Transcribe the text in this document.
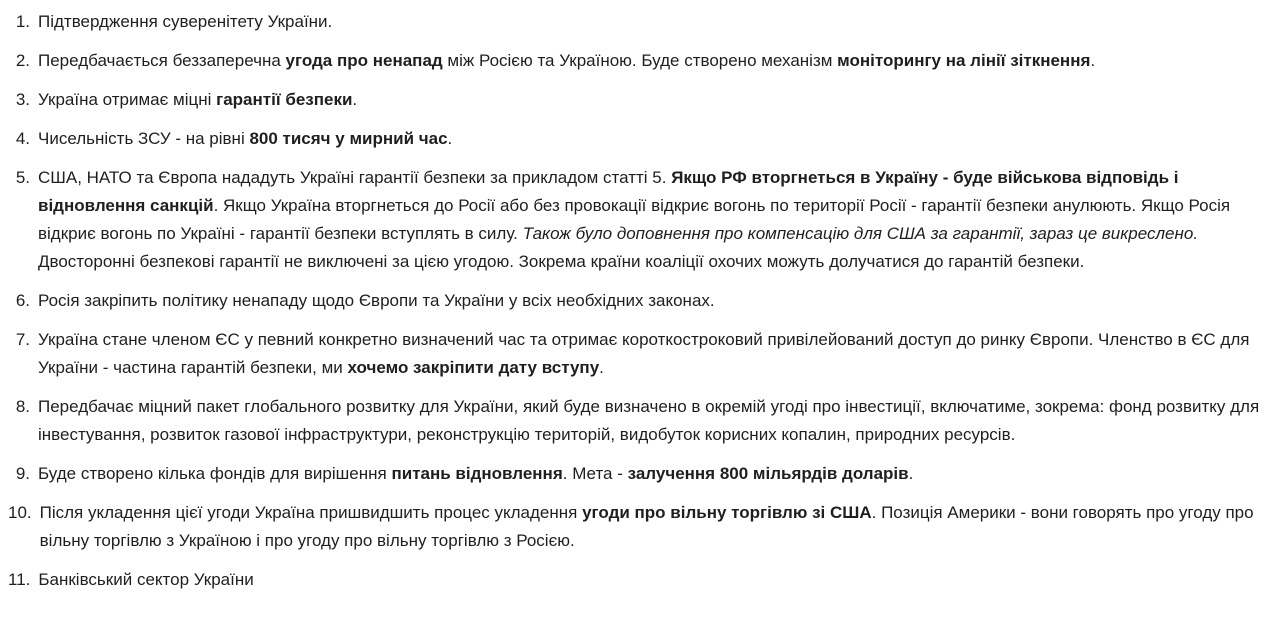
1. Підтвердження суверенітету України.

2. Передбачається беззаперечна угода про ненапад між Росією та Україною. Буде створено механізм моніторингу на лінії зіткнення.

3. Україна отримає міцні гарантії безпеки.

4. Чисельність ЗСУ - на рівні 800 тисяч у мирний час.

5. США, НАТО та Європа нададуть Україні гарантії безпеки за прикладом статті 5. Якщо РФ вторгнеться в Україну - буде військова відповідь і відновлення санкцій. Якщо Україна вторгнеться до Росії або без провокації відкриє вогонь по території Росії - гарантії безпеки анулюють. Якщо Росія відкриє вогонь по Україні - гарантії безпеки вступлять в силу. Також було доповнення про компенсацію для США за гарантії, зараз це викреслено. Двосторонні безпекові гарантії не виключені за цією угодою. Зокрема країни коаліції охочих можуть долучатися до гарантій безпеки.

6. Росія закріпить політику ненападу щодо Європи та України у всіх необхідних законах.

7. Україна стане членом ЄС у певний конкретно визначений час та отримає короткостроковий привілейований доступ до ринку Європи. Членство в ЄС для України - частина гарантій безпеки, ми хочемо закріпити дату вступу.

8. Передбачає міцний пакет глобального розвитку для України, який буде визначено в окремій угоді про інвестиції, включатиме, зокрема: фонд розвитку для інвестування, розвиток газової інфраструктури, реконструкцію територій, видобуток корисних копалин, природних ресурсів.

9. Буде створено кілька фондів для вирішення питань відновлення. Мета - залучення 800 мільярдів доларів.

10. Після укладення цієї угоди Україна пришвидшить процес укладення угоди про вільну торгівлю зі США. Позиція Америки - вони говорять про угоду про вільну торгівлю з Україною і про угоду про вільну торгівлю з Росією.

11. Банківський сектор України
